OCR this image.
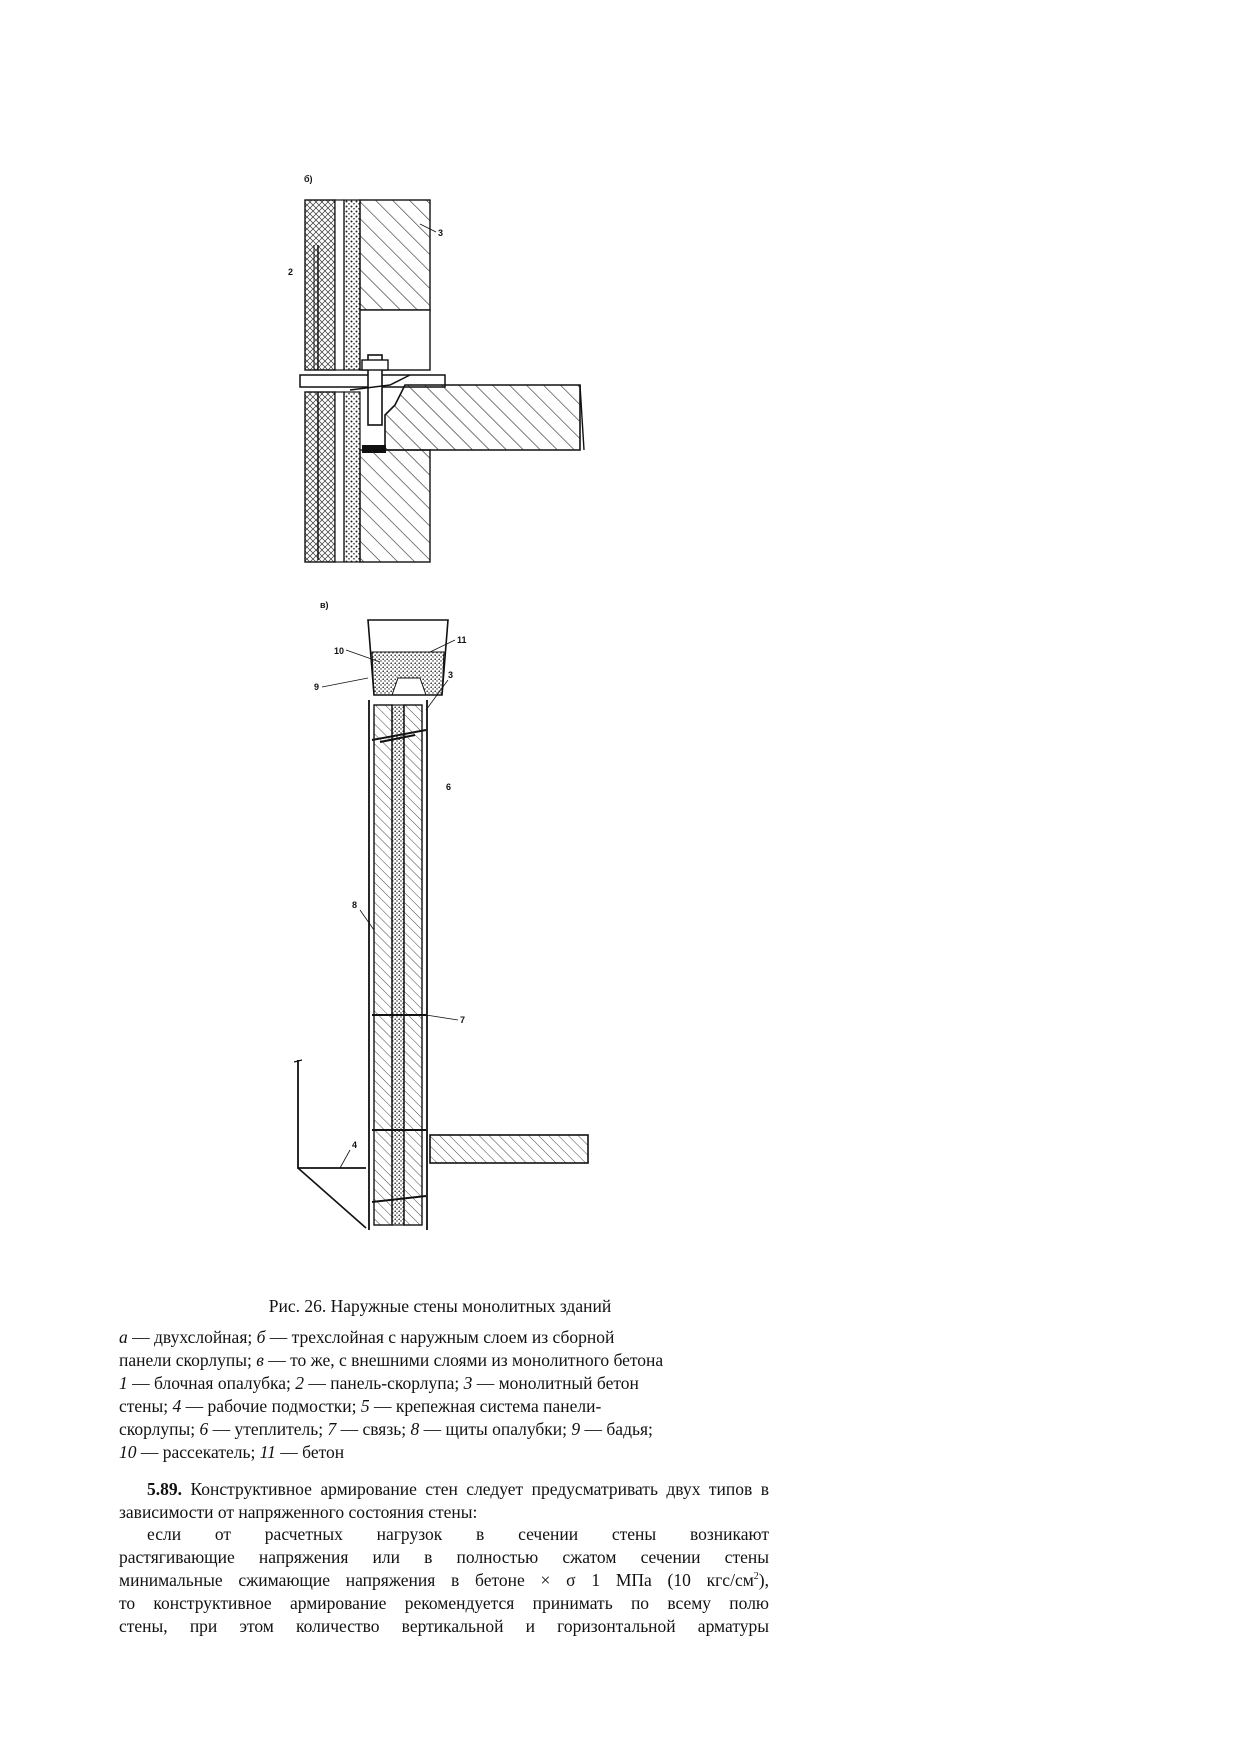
б)
2
3
в)
10
11
9
3
6
8
7
4
Рис. 26. Наружные стены монолитных зданий
а — двухслойная; б — трехслойная с наружным слоем из сборной
панели скорлупы; в — то же, с внешними слоями из монолитного бетона
1 — блочная опалубка; 2 — панель-скорлупа; 3 — монолитный бетон
стены; 4 — рабочие подмостки; 5 — крепежная система панели-
скорлупы; 6 — утеплитель; 7 — связь; 8 — щиты опалубки; 9 — бадья;
10 — рассекатель; 11 — бетон

5.89. Конструктивное армирование стен следует предусматривать двух типов в зависимости от напряженного состояния стены:

если от расчетных нагрузок в сечении стены возникают
растягивающие напряжения или в полностью сжатом сечении стены
минимальные сжимающие напряжения в бетоне × σ 1 МПа (10 кгс/$см^2$),
то конструктивное армирование рекомендуется принимать по всему полю
стены, при этом количество вертикальной и горизонтальной арматуры
